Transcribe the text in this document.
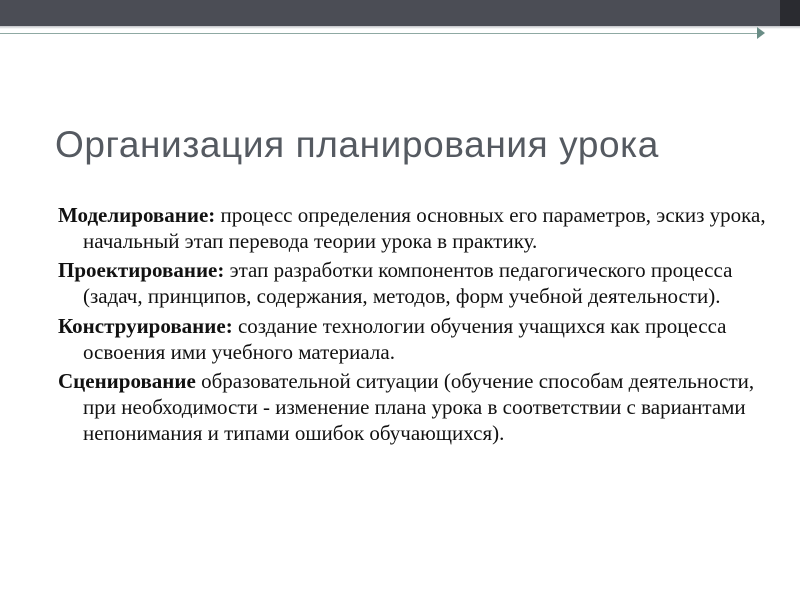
Организация планирования урока
Моделирование: процесс определения основных его параметров, эскиз урока, начальный этап перевода теории урока в практику.
Проектирование: этап разработки компонентов педагогического процесса (задач, принципов, содержания, методов, форм учебной деятельности).
Конструирование: создание технологии обучения учащихся как процесса освоения ими учебного материала.
Сценирование образовательной ситуации (обучение способам деятельности, при необходимости - изменение плана урока в соответствии с вариантами непонимания и типами ошибок обучающихся).
